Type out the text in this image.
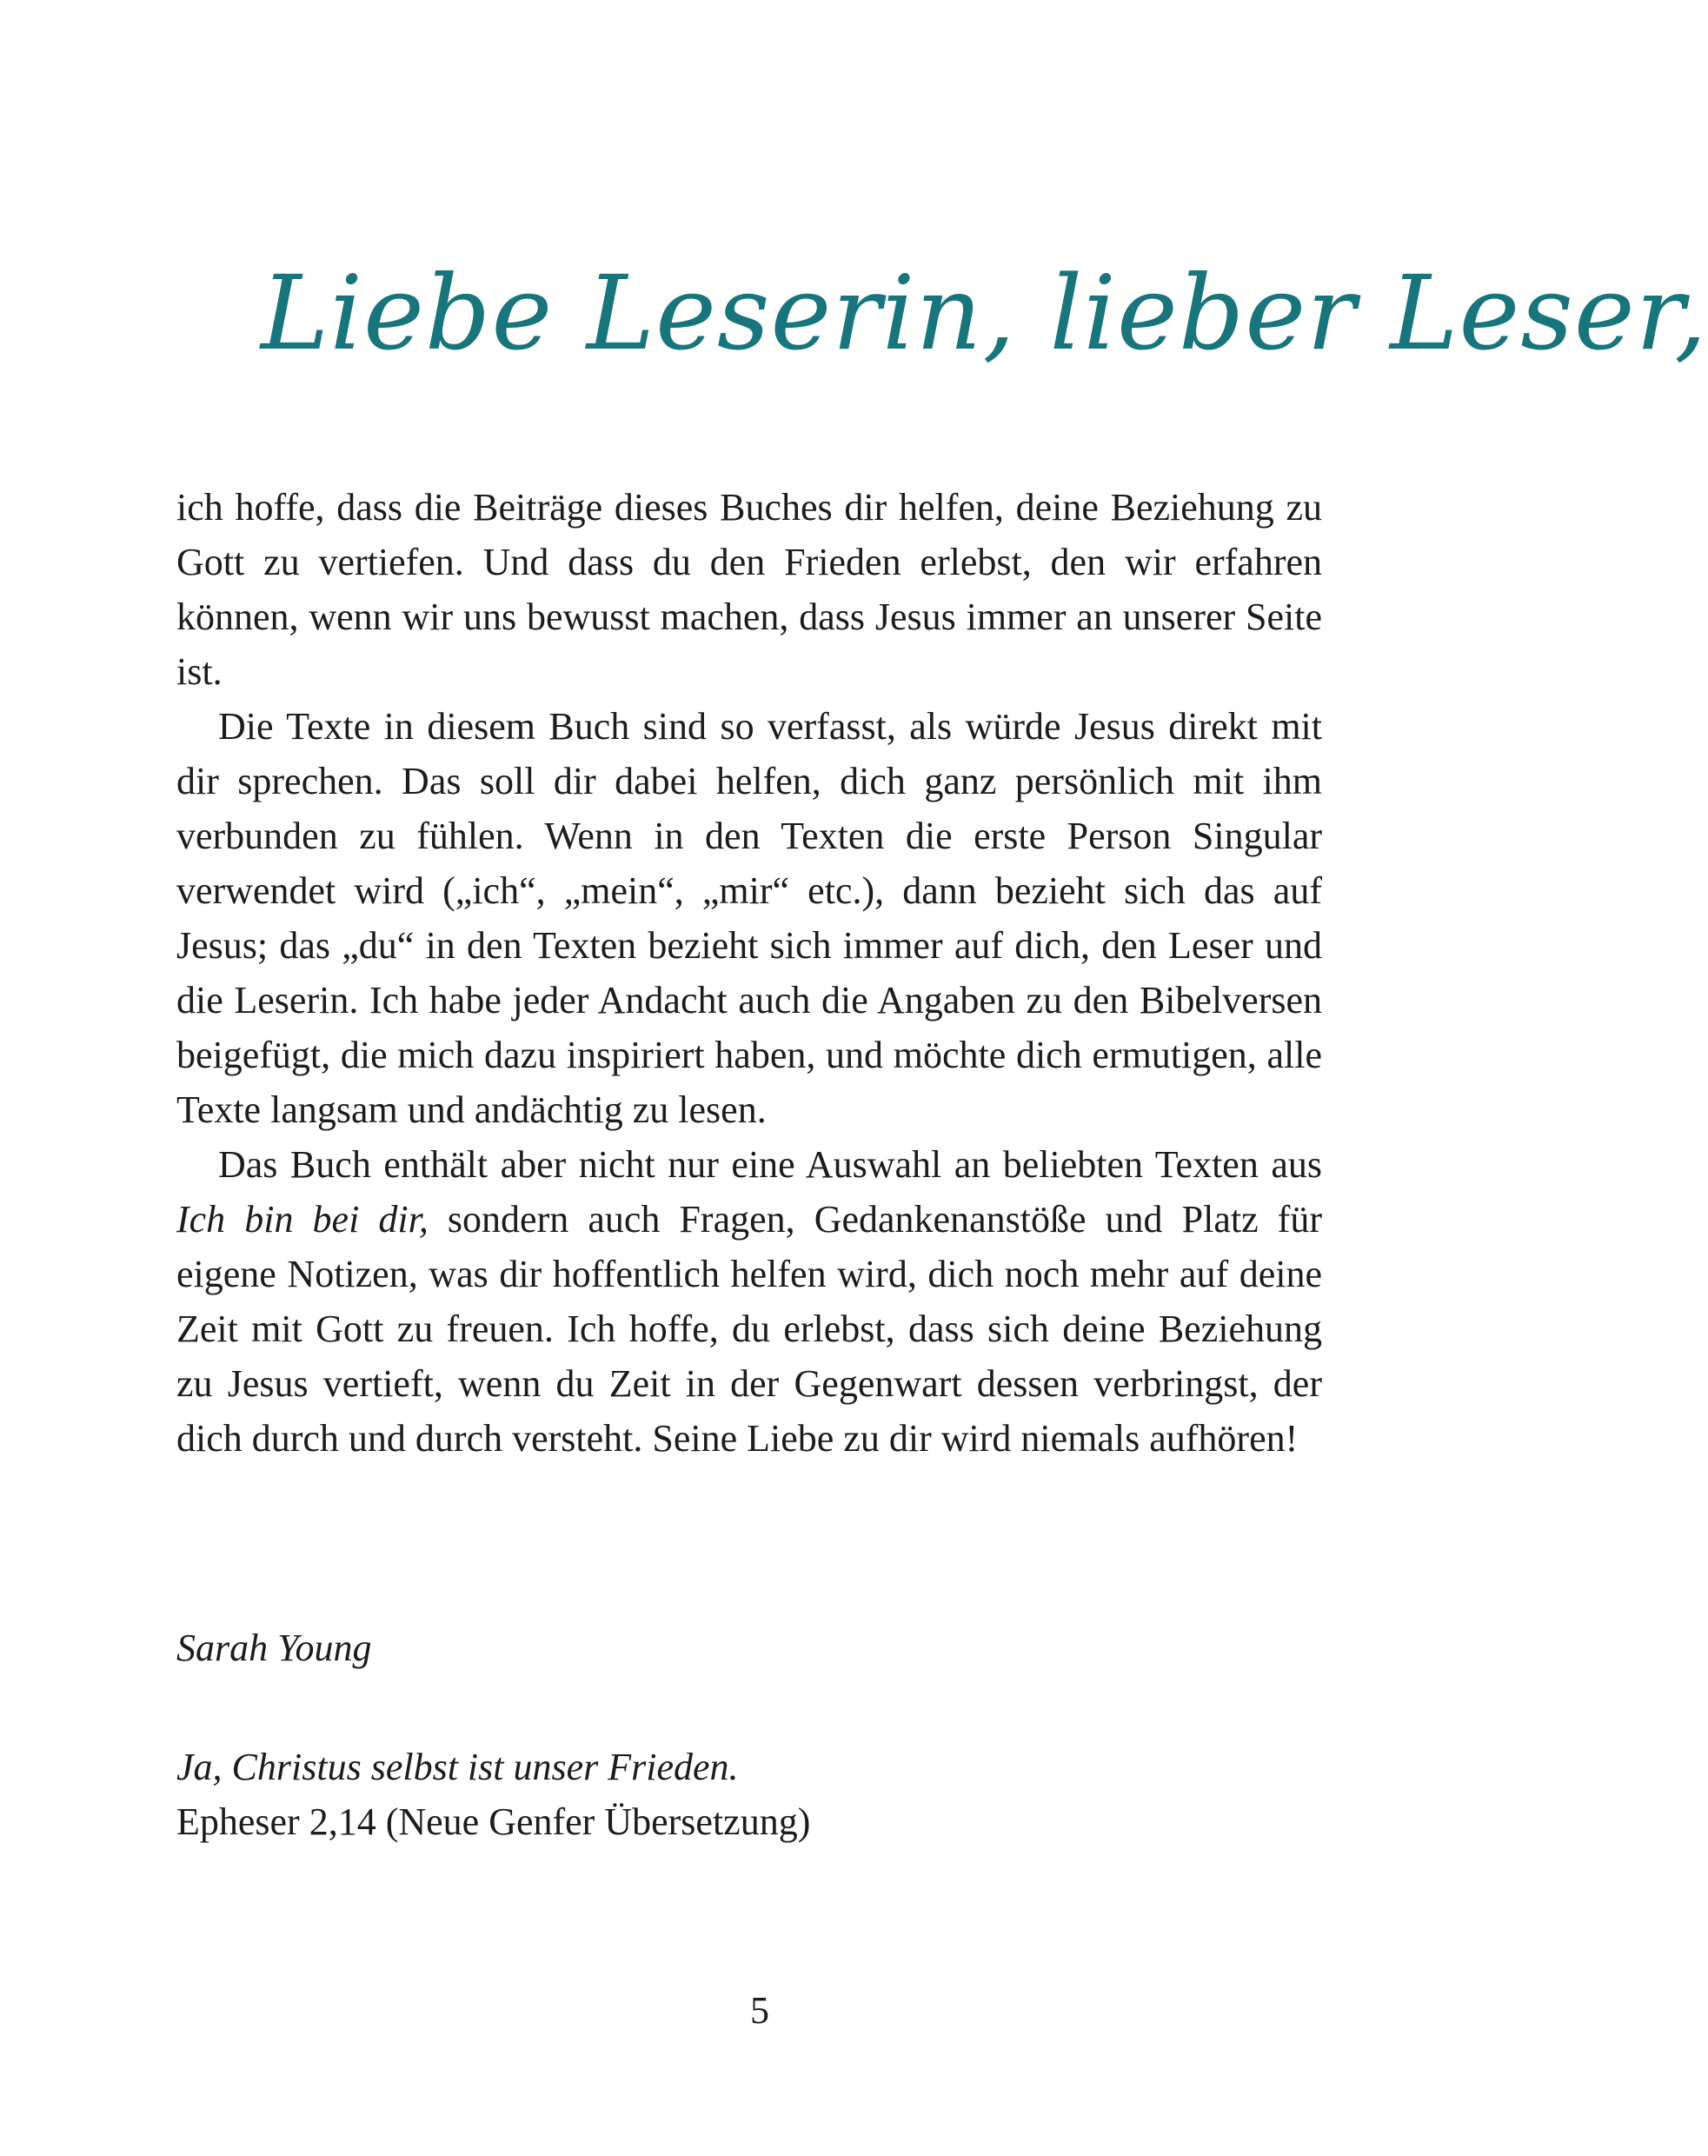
Liebe Leserin, lieber Leser,

ich hoffe, dass die Beiträge dieses Buches dir helfen, deine Beziehung zu Gott zu vertiefen. Und dass du den Frieden erlebst, den wir erfahren können, wenn wir uns bewusst machen, dass Jesus immer an unserer Seite ist.

Die Texte in diesem Buch sind so verfasst, als würde Jesus direkt mit dir sprechen. Das soll dir dabei helfen, dich ganz persönlich mit ihm verbunden zu fühlen. Wenn in den Texten die erste Person Singular verwendet wird („ich“, „mein“, „mir“ etc.), dann bezieht sich das auf Jesus; das „du“ in den Texten bezieht sich immer auf dich, den Leser und die Leserin. Ich habe jeder Andacht auch die Angaben zu den Bibelversen beigefügt, die mich dazu inspiriert haben, und möchte dich ermutigen, alle Texte langsam und andächtig zu lesen.

Das Buch enthält aber nicht nur eine Auswahl an beliebten Texten aus Ich bin bei dir, sondern auch Fragen, Gedankenanstöße und Platz für eigene Notizen, was dir hoffentlich helfen wird, dich noch mehr auf deine Zeit mit Gott zu freuen. Ich hoffe, du erlebst, dass sich deine Beziehung zu Jesus vertieft, wenn du Zeit in der Gegenwart dessen verbringst, der dich durch und durch versteht. Seine Liebe zu dir wird niemals aufhören!

Sarah Young

Ja, Christus selbst ist unser Frieden.
Epheser 2,14 (Neue Genfer Übersetzung)
5
